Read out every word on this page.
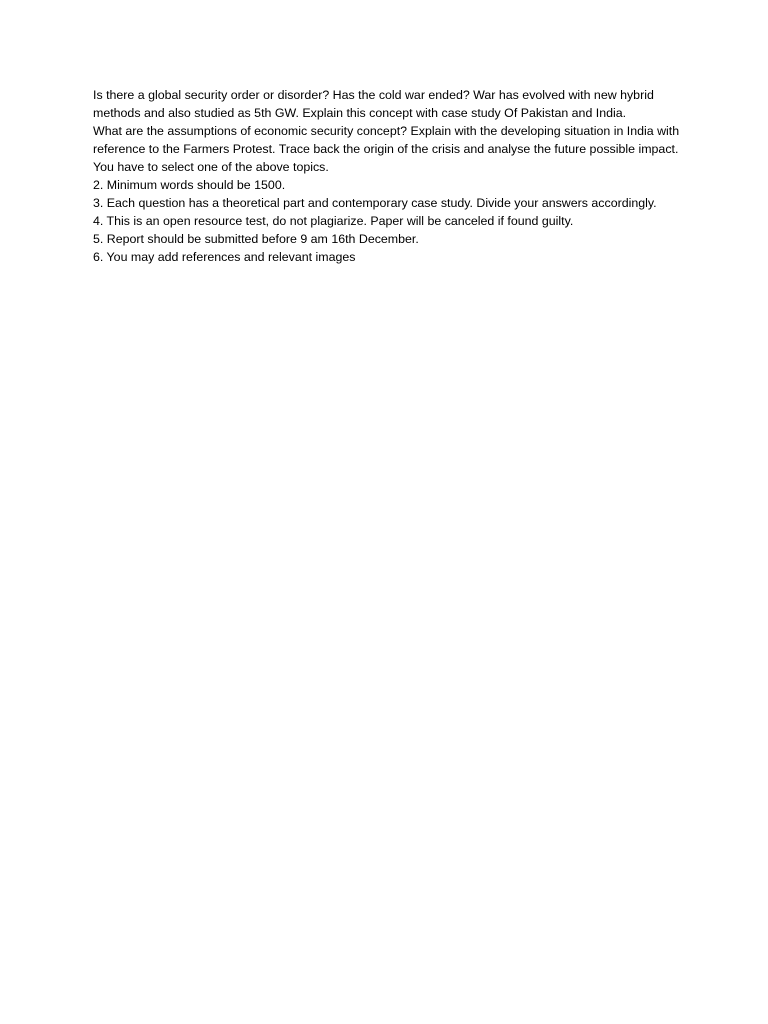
Is there a global security order or disorder? Has the cold war ended? War has evolved with new hybrid methods and also studied as 5th GW. Explain this concept with case study Of Pakistan and India.

What are the assumptions of economic security concept? Explain with the developing situation in India with reference to the Farmers Protest. Trace back the origin of the crisis and analyse the future possible impact.

You have to select one of the above topics.

2. Minimum words should be 1500.

3. Each question has a theoretical part and contemporary case study. Divide your answers accordingly.

4. This is an open resource test, do not plagiarize. Paper will be canceled if found guilty.

5. Report should be submitted before 9 am 16th December.

6. You may add references and relevant images
